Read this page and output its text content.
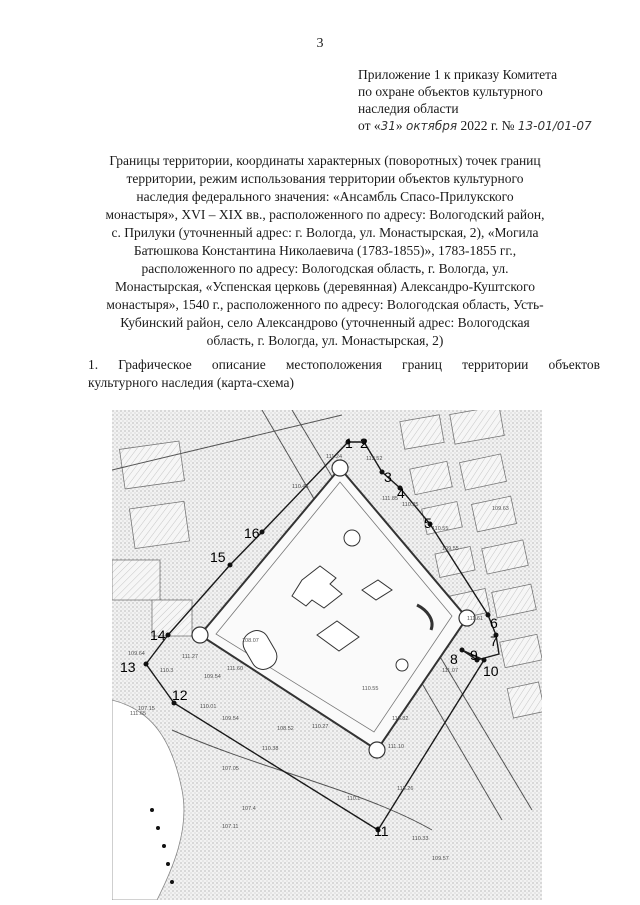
3
Приложение 1 к приказу Комитета
по охране объектов культурного
наследия области
от «31» октября 2022 г. № 13-01/01-07
Границы территории, координаты характерных (поворотных) точек границ
территории, режим использования территории объектов культурного
наследия федерального значения: «Ансамбль Спасо-Прилукского
монастыря», XVI – XIX вв., расположенного по адресу: Вологодский район,
с. Прилуки (уточненный адрес: г. Вологда, ул. Монастырская, 2), «Могила
Батюшкова Константина Николаевича (1783-1855)», 1783-1855 гг.,
расположенного по адресу: Вологодская область, г. Вологда, ул.
Монастырская, «Успенская церковь (деревянная) Александро-Куштского
монастыря», 1540 г., расположенного по адресу: Вологодская область, Усть-
Кубинский район, село Александрово (уточненный адрес: Вологодская
область, г. Вологда, ул. Монастырская, 2)
1. Графическое описание местоположения границ территории объектов
культурного наследия (карта-схема)
1 2
3
4
5
6
7
8 9
10
11
12
13
14
15
16
111.24	112.52
110.45
111.85
110.25
109.63
110.55
109.55
109.64
110.3
111.27
108.07
111.61
111.65
109.54
108.52
110.55
110.27
111.10
113.26
110.1
107.15
109.54
110.38
107.05
107.4
107.11
109.57
110.01
111.60	111.07
113.82
110.33
